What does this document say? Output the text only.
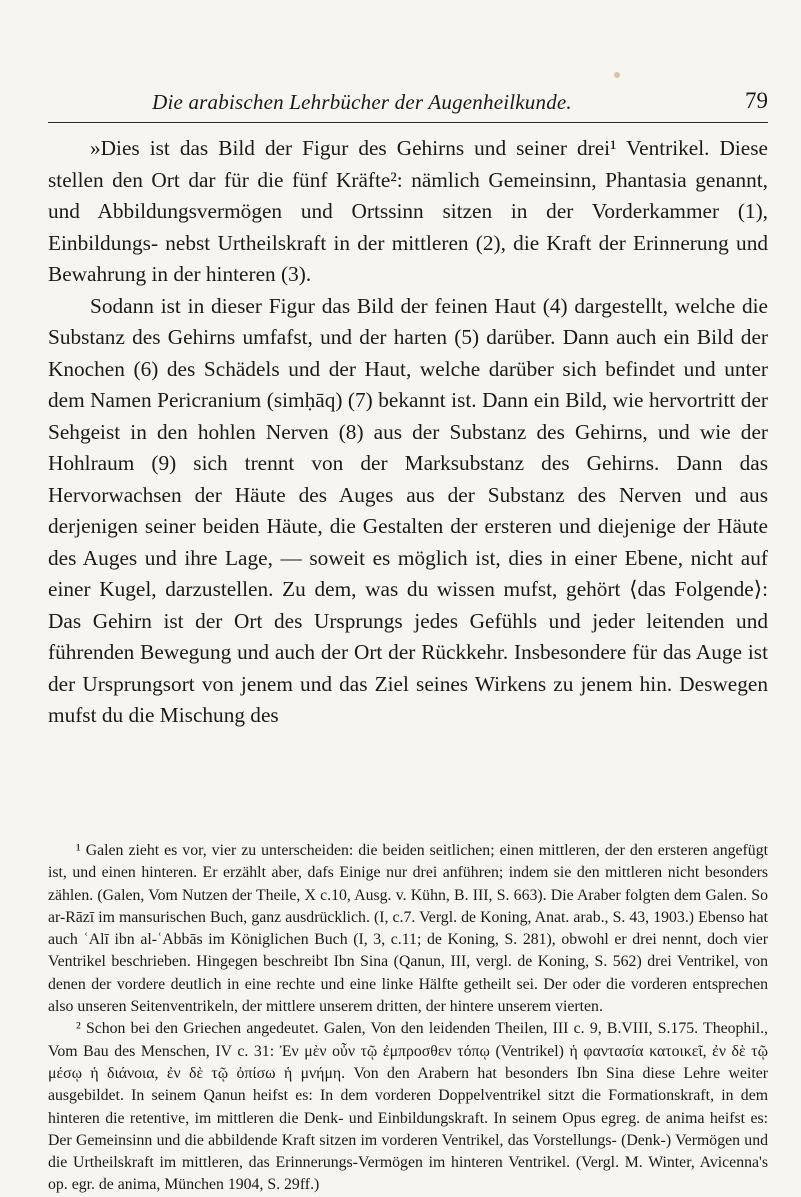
Die arabischen Lehrbücher der Augenheilkunde.	79

»Dies ist das Bild der Figur des Gehirns und seiner drei¹ Ventrikel. Diese stellen den Ort dar für die fünf Kräfte²: nämlich Gemeinsinn, Phantasia genannt, und Abbildungsvermögen und Ortssinn sitzen in der Vorderkammer (1), Einbildungs- nebst Urtheilskraft in der mittleren (2), die Kraft der Erinnerung und Bewahrung in der hinteren (3).

Sodann ist in dieser Figur das Bild der feinen Haut (4) dargestellt, welche die Substanz des Gehirns umfafst, und der harten (5) darüber. Dann auch ein Bild der Knochen (6) des Schädels und der Haut, welche darüber sich befindet und unter dem Namen Pericranium (simḥāq) (7) bekannt ist. Dann ein Bild, wie hervortritt der Sehgeist in den hohlen Nerven (8) aus der Substanz des Gehirns, und wie der Hohlraum (9) sich trennt von der Marksubstanz des Gehirns. Dann das Hervorwachsen der Häute des Auges aus der Substanz des Nerven und aus derjenigen seiner beiden Häute, die Gestalten der ersteren und diejenige der Häute des Auges und ihre Lage, — soweit es möglich ist, dies in einer Ebene, nicht auf einer Kugel, darzustellen. Zu dem, was du wissen mufst, gehört ⟨das Folgende⟩: Das Gehirn ist der Ort des Ursprungs jedes Gefühls und jeder leitenden und führenden Bewegung und auch der Ort der Rückkehr. Insbesondere für das Auge ist der Ursprungsort von jenem und das Ziel seines Wirkens zu jenem hin. Deswegen mufst du die Mischung des

¹ Galen zieht es vor, vier zu unterscheiden: die beiden seitlichen; einen mittleren, der den ersteren angefügt ist, und einen hinteren. Er erzählt aber, dafs Einige nur drei anführen; indem sie den mittleren nicht besonders zählen. (Galen, Vom Nutzen der Theile, X c.10, Ausg. v. Kühn, B. III, S. 663). Die Araber folgten dem Galen. So ar-Rāzī im mansurischen Buch, ganz ausdrücklich. (I, c.7. Vergl. de Koning, Anat. arab., S. 43, 1903.) Ebenso hat auch ʿAlī ibn al-ʿAbbās im Königlichen Buch (I, 3, c.11; de Koning, S. 281), obwohl er drei nennt, doch vier Ventrikel beschrieben. Hingegen beschreibt Ibn Sina (Qanun, III, vergl. de Koning, S. 562) drei Ventrikel, von denen der vordere deutlich in eine rechte und eine linke Hälfte getheilt sei. Der oder die vorderen entsprechen also unseren Seitenventrikeln, der mittlere unserem dritten, der hintere unserem vierten.

² Schon bei den Griechen angedeutet. Galen, Von den leidenden Theilen, III c. 9, B.VIII, S.175. Theophil., Vom Bau des Menschen, IV c. 31: Ἐν μὲν οὖν τῷ ἐμπροσθεν τόπῳ (Ventrikel) ἡ φαντασία κατοικεῖ, ἐν δὲ τῷ μέσῳ ἡ διάνοια, ἐν δὲ τῷ ὀπίσω ἡ μνήμη. Von den Arabern hat besonders Ibn Sina diese Lehre weiter ausgebildet. In seinem Qanun heifst es: In dem vorderen Doppelventrikel sitzt die Formationskraft, in dem hinteren die retentive, im mittleren die Denk- und Einbildungskraft. In seinem Opus egreg. de anima heifst es: Der Gemeinsinn und die abbildende Kraft sitzen im vorderen Ventrikel, das Vorstellungs- (Denk-) Vermögen und die Urtheilskraft im mittleren, das Erinnerungs-Vermögen im hinteren Ventrikel. (Vergl. M. Winter, Avicenna's op. egr. de anima, München 1904, S. 29ff.)
